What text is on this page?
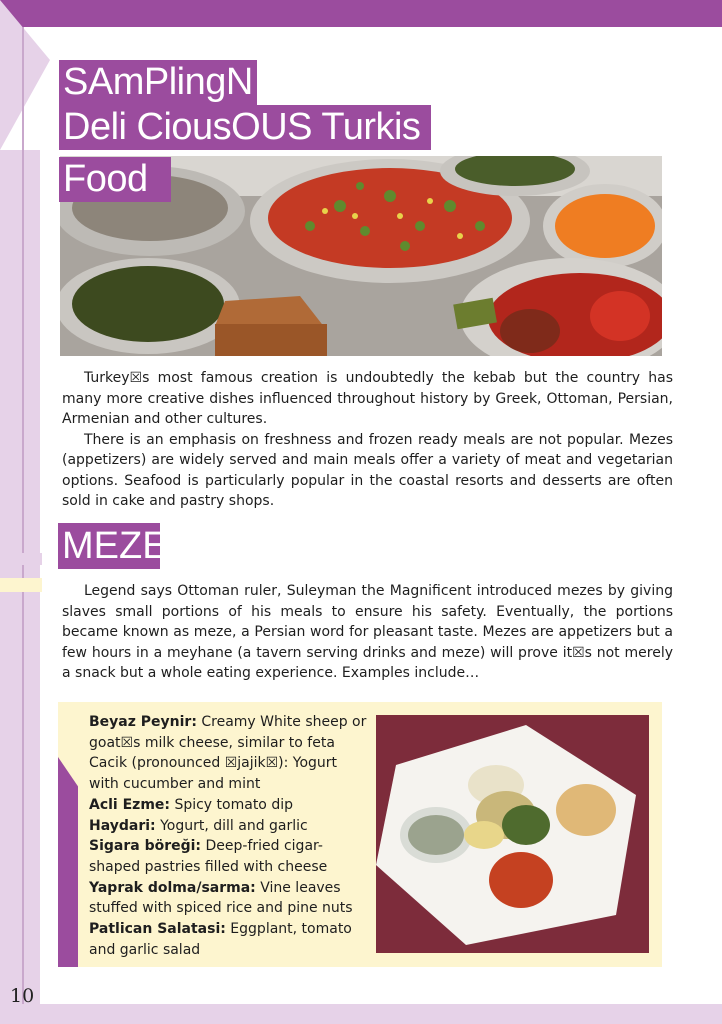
SAmPlingN
Deli CiousOUS Turkis
Food

Turkey☒s most famous creation is undoubtedly the kebab but the country has many more creative dishes influenced throughout history by Greek, Ottoman, Persian, Armenian and other cultures.

There is an emphasis on freshness and frozen ready meals are not popular. Mezes (appetizers) are widely served and main meals offer a variety of meat and vegetarian options. Seafood is particularly popular in the coastal resorts and desserts are often sold in cake and pastry shops.

MEZE

Legend says Ottoman ruler, Suleyman the Magnificent introduced mezes by giving slaves small portions of his meals to ensure his safety. Eventually, the portions became known as meze, a Persian word for pleasant taste. Mezes are appetizers but a few hours in a meyhane (a tavern serving drinks and meze) will prove it☒s not merely a snack but a whole eating experience. Examples include…

Beyaz Peynir: Creamy White sheep or goat☒s milk cheese, similar to feta

Cacik (pronounced ☒jajik☒): Yogurt with cucumber and mint

Acli Ezme: Spicy tomato dip

Haydari: Yogurt, dill and garlic

Sigara böreği: Deep-fried cigar-shaped pastries filled with cheese

Yaprak dolma/sarma: Vine leaves stuffed with spiced rice and pine nuts

Patlican Salatasi: Eggplant, tomato and garlic salad

10
